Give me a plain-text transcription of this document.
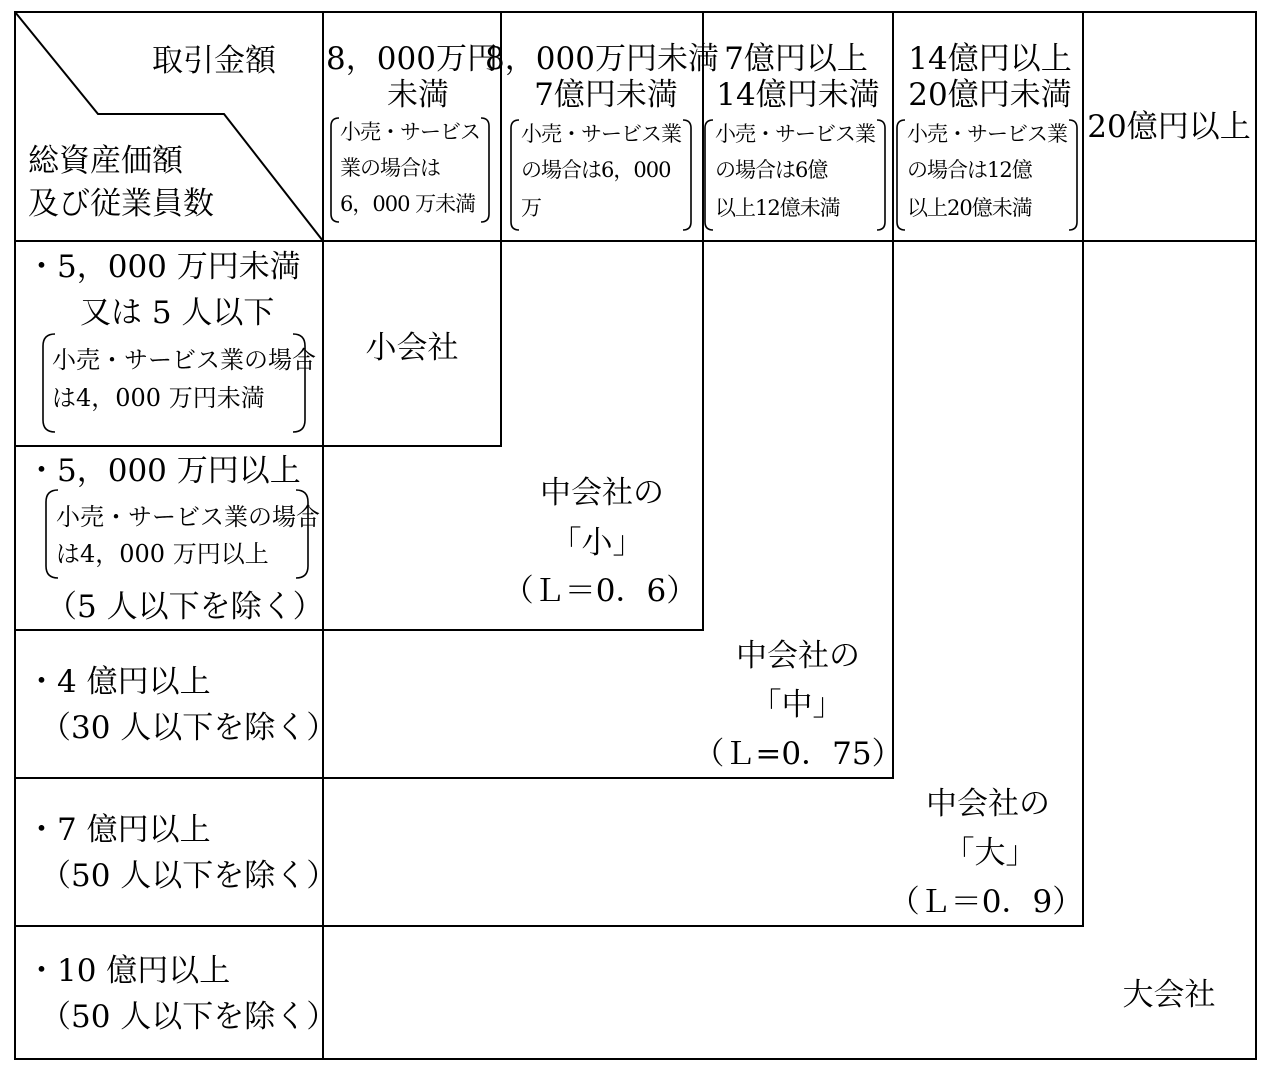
取引金額
総資産価額
及び従業員数
8，000万円
未満
小売・サービス
業の場合は
6，000 万未満
8，000万円未満
7億円未満
小売・サービス業
の場合は6，000
万
7億円以上
14億円未満
小売・サービス業
の場合は6億
以上12億未満
14億円以上
20億円未満
小売・サービス業
の場合は12億
以上20億未満
20億円以上
・5，000 万円未満
又は 5 人以下
小売・サービス業の場合
は4，000 万円未満
・5，000 万円以上
小売・サービス業の場合
は4，000 万円以上
（5 人以下を除く）
・4 億円以上
（30 人以下を除く）
・7 億円以上
（50 人以下を除く）
・10 億円以上
（50 人以下を除く）
小会社
中会社の
「小」
（Ｌ＝0．6）
中会社の
「中」
（Ｌ=0．75）
中会社の
「大」
（Ｌ＝0．9）
大会社
